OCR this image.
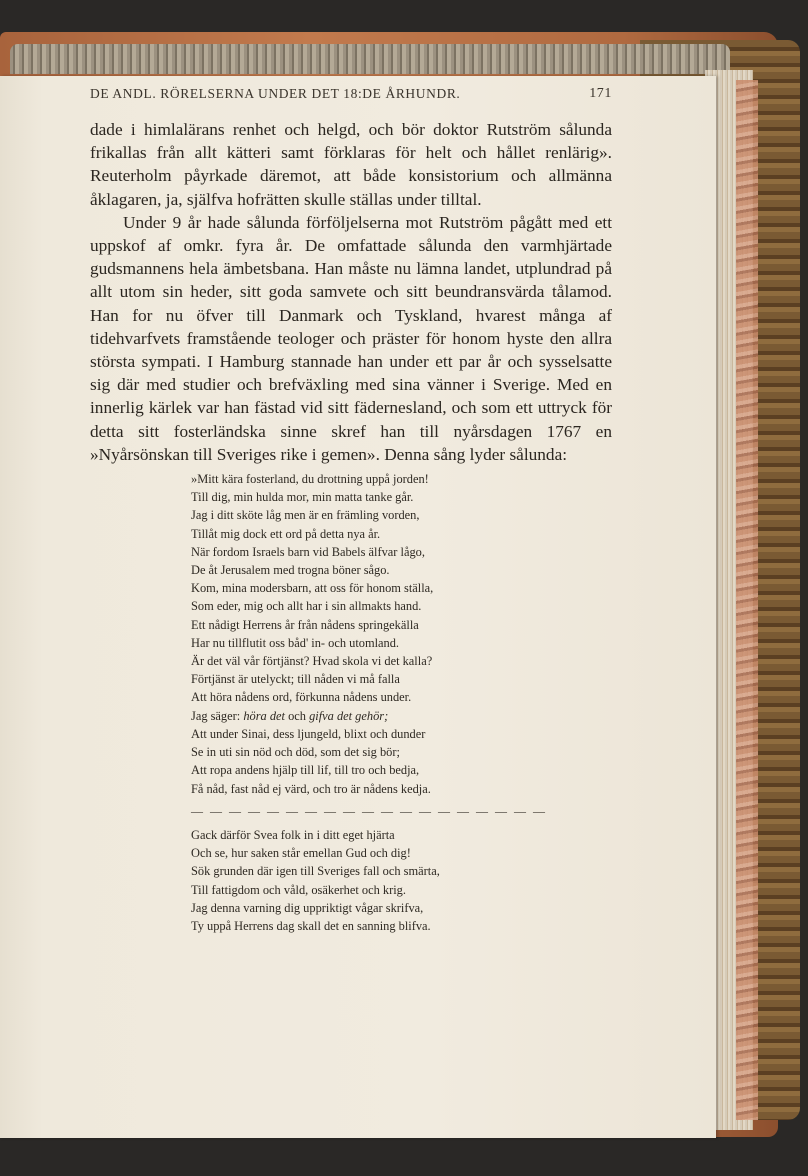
DE ANDL. RÖRELSERNA UNDER DET 18:DE ÅRHUNDR.	171

dade i himlalärans renhet och helgd, och bör doktor Rutström sålunda frikallas från allt kätteri samt förklaras för helt och hållet renlärig». Reuterholm påyrkade däremot, att både konsistorium och allmänna åklagaren, ja, själfva hofrätten skulle ställas under tilltal.

Under 9 år hade sålunda förföljelserna mot Rutström pågått med ett uppskof af omkr. fyra år. De omfattade sålunda den varmhjärtade gudsmannens hela ämbetsbana. Han måste nu lämna landet, utplundrad på allt utom sin heder, sitt goda samvete och sitt beundransvärda tålamod. Han for nu öfver till Danmark och Tyskland, hvarest många af tidehvarfvets framstående teologer och präster för honom hyste den allra största sympati. I Hamburg stannade han under ett par år och sysselsatte sig där med studier och brefväxling med sina vänner i Sverige. Med en innerlig kärlek var han fästad vid sitt fädernesland, och som ett uttryck för detta sitt fosterländska sinne skref han till nyårsdagen 1767 en »Nyårsönskan till Sveriges rike i gemen». Denna sång lyder sålunda:

»Mitt kära fosterland, du drottning uppå jorden!
Till dig, min hulda mor, min matta tanke går.
Jag i ditt sköte låg men är en främling vorden,
Tillåt mig dock ett ord på detta nya år.
När fordom Israels barn vid Babels älfvar lågo,
De åt Jerusalem med trogna böner sågo.
Kom, mina modersbarn, att oss för honom ställa,
Som eder, mig och allt har i sin allmakts hand.
Ett nådigt Herrens år från nådens springekälla
Har nu tillflutit oss båd' in- och utomland.
Är det väl vår förtjänst? Hvad skola vi det kalla?
Förtjänst är utelyckt; till nåden vi må falla
Att höra nådens ord, förkunna nådens under.
Jag säger: höra det och gifva det gehör;
Att under Sinai, dess ljungeld, blixt och dunder
Se in uti sin nöd och död, som det sig bör;
Att ropa andens hjälp till lif, till tro och bedja,
Få nåd, fast nåd ej värd, och tro är nådens kedja.
— — — — — — — — — — — — — — — — — — —
Gack därför Svea folk in i ditt eget hjärta
Och se, hur saken står emellan Gud och dig!
Sök grunden där igen till Sveriges fall och smärta,
Till fattigdom och våld, osäkerhet och krig.
Jag denna varning dig uppriktigt vågar skrifva,
Ty uppå Herrens dag skall det en sanning blifva.
